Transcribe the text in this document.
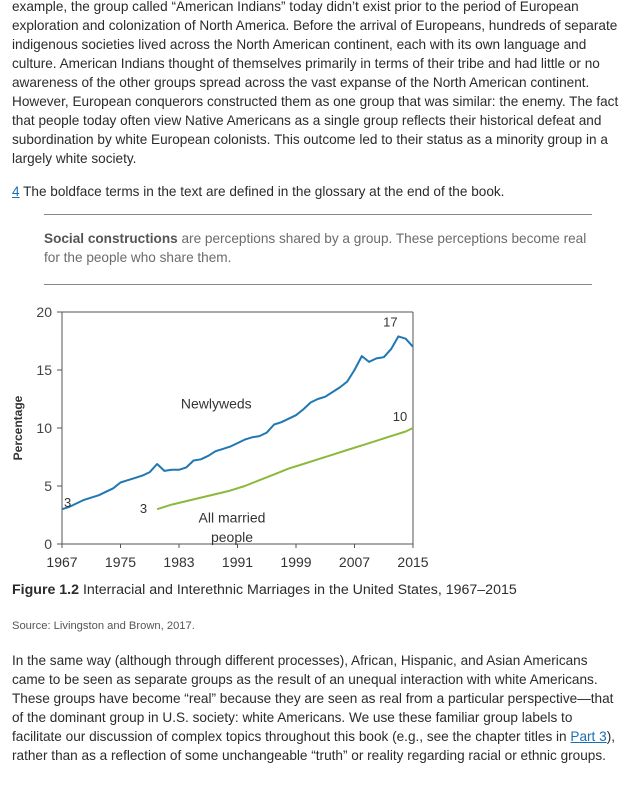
example, the group called “American Indians” today didn’t exist prior to the period of European exploration and colonization of North America. Before the arrival of Europeans, hundreds of separate indigenous societies lived across the North American continent, each with its own language and culture. American Indians thought of themselves primarily in terms of their tribe and had little or no awareness of the other groups spread across the vast expanse of the North American continent. However, European conquerors constructed them as one group that was similar: the enemy. The fact that people today often view Native Americans as a single group reflects their historical defeat and subordination by white European colonists. This outcome led to their status as a minority group in a largely white society.

4 The boldface terms in the text are defined in the glossary at the end of the book.
Social constructions are perceptions shared by a group. These perceptions become real for the people who share them.
0
5
10
15
20
1967 1975 1983 1991 1999 2007 2015
Percentage
3
17
3
10
Newlyweds
All married
people
Figure 1.2 Interracial and Interethnic Marriages in the United States, 1967–2015
Source: Livingston and Brown, 2017.

In the same way (although through different processes), African, Hispanic, and Asian Americans came to be seen as separate groups as the result of an unequal interaction with white Americans. These groups have become “real” because they are seen as real from a particular perspective—that of the dominant group in U.S. society: white Americans. We use these familiar group labels to facilitate our discussion of complex topics throughout this book (e.g., see the chapter titles in Part 3), rather than as a reflection of some unchangeable “truth” or reality regarding racial or ethnic groups.
